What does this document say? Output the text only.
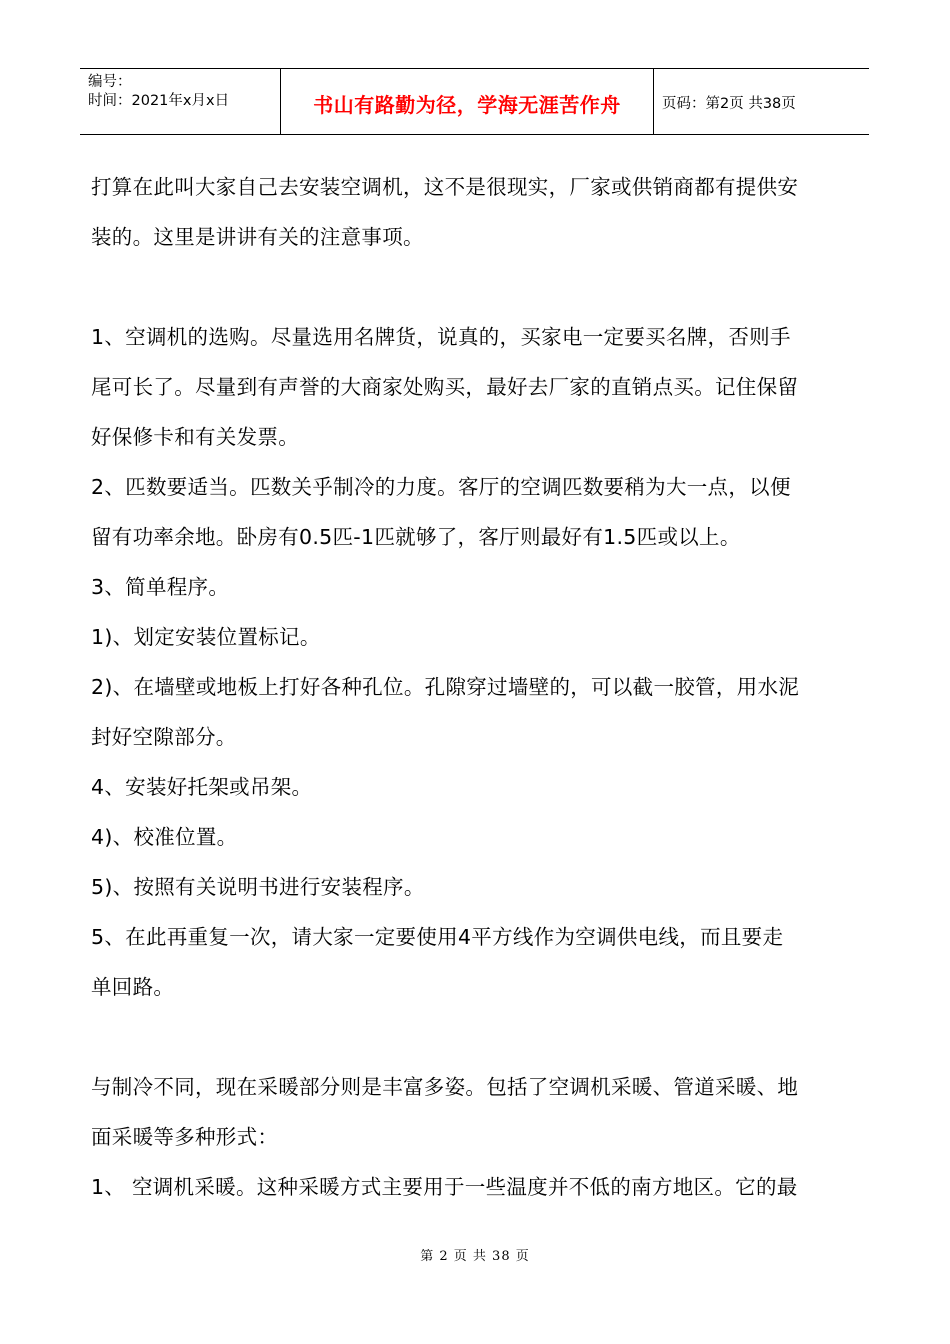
编号：
时间：2021年x月x日	书山有路勤为径，学海无涯苦作舟	页码：第2页 共38页

打算在此叫大家自己去安装空调机，这不是很现实，厂家或供销商都有提供安

装的。这里是讲讲有关的注意事项。

1、空调机的选购。尽量选用名牌货，说真的，买家电一定要买名牌，否则手

尾可长了。尽量到有声誉的大商家处购买，最好去厂家的直销点买。记住保留

好保修卡和有关发票。

2、匹数要适当。匹数关乎制冷的力度。客厅的空调匹数要稍为大一点，以便

留有功率余地。卧房有0.5匹-1匹就够了，客厅则最好有1.5匹或以上。

3、简单程序。

1)、划定安装位置标记。

2)、在墙壁或地板上打好各种孔位。孔隙穿过墙壁的，可以截一胶管，用水泥

封好空隙部分。

4、安装好托架或吊架。

4)、校准位置。

5)、按照有关说明书进行安装程序。

5、在此再重复一次，请大家一定要使用4平方线作为空调供电线，而且要走

单回路。

与制冷不同，现在采暖部分则是丰富多姿。包括了空调机采暖、管道采暖、地

面采暖等多种形式：

1、 空调机采暖。这种采暖方式主要用于一些温度并不低的南方地区。它的最

第 2 页 共 38 页
